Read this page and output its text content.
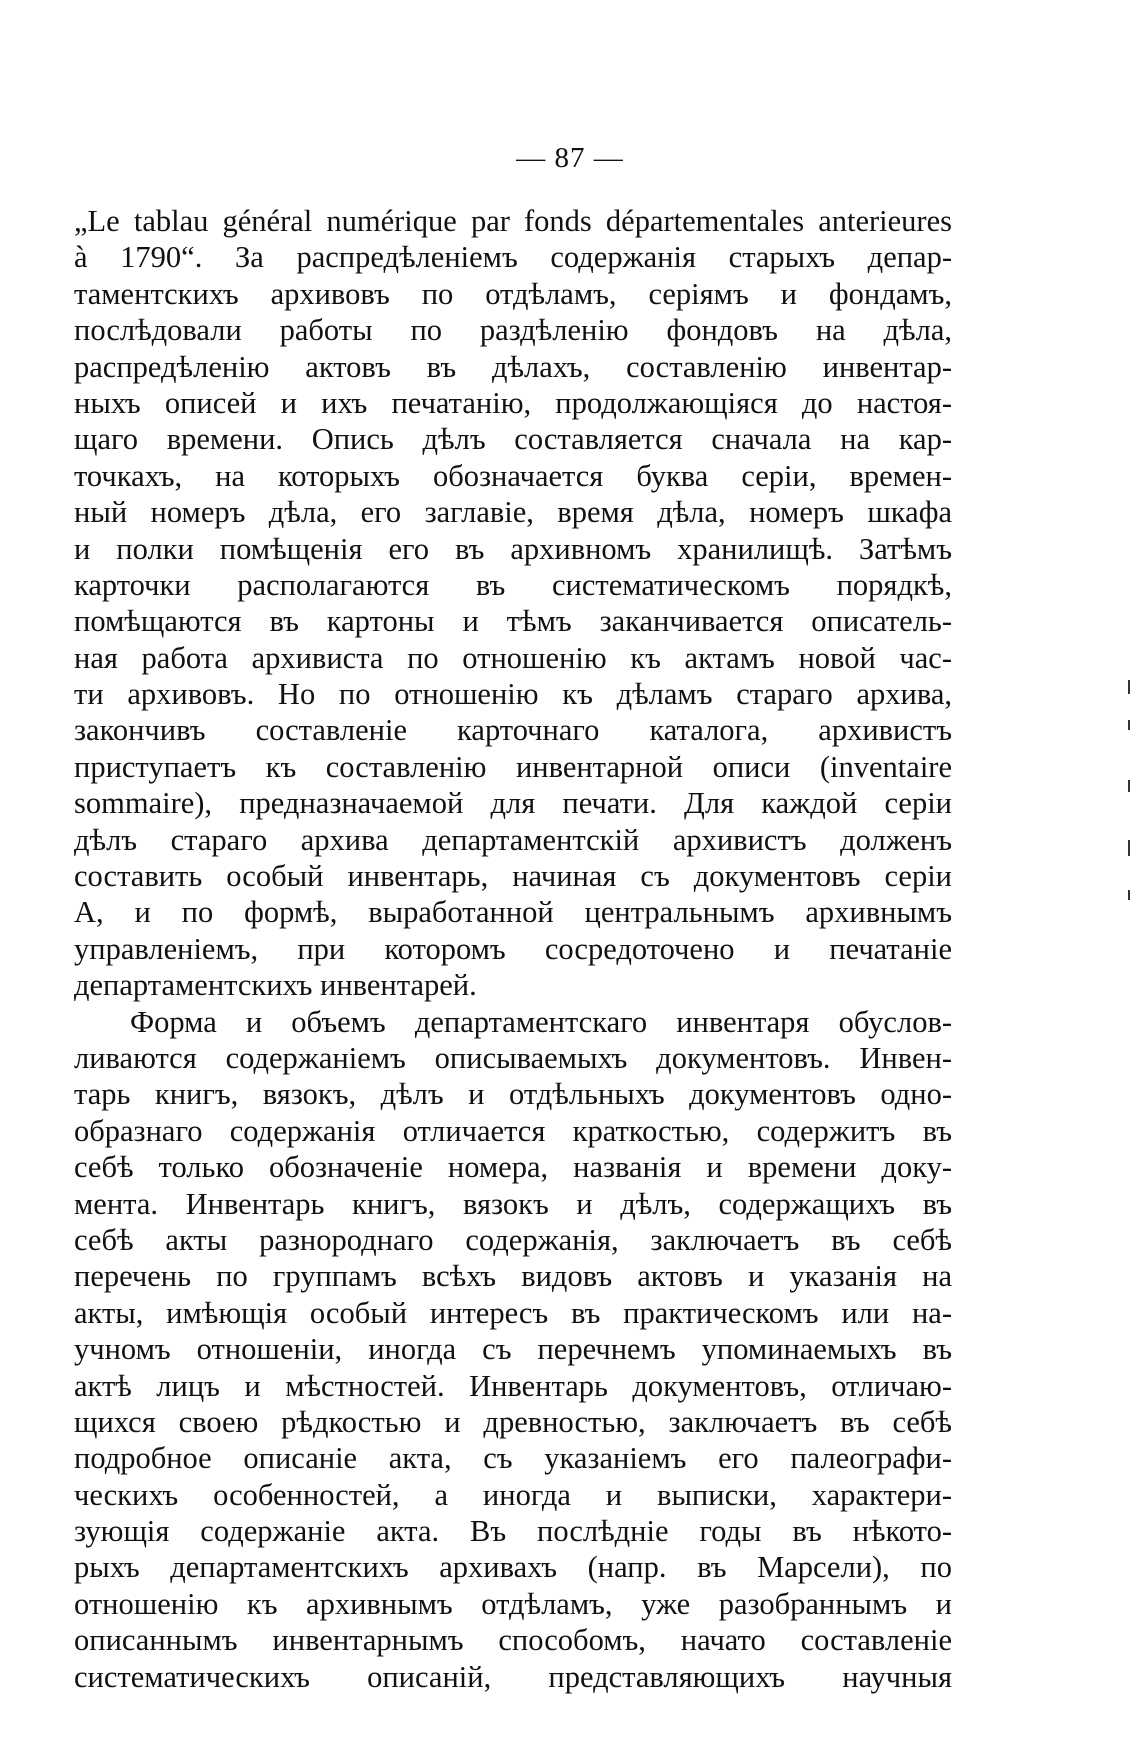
— 87 —
„Le tablau général numérique par fonds départementales anterieures
à 1790“. За распредѣленіемъ содержанія старыхъ депар-
таментскихъ архивовъ по отдѣламъ, серіямъ и фондамъ,
послѣдовали работы по раздѣленію фондовъ на дѣла,
распредѣленію актовъ въ дѣлахъ, составленію инвентар-
ныхъ описей и ихъ печатанію, продолжающіяся до настоя-
щаго времени. Опись дѣлъ составляется сначала на кар-
точкахъ, на которыхъ обозначается буква серіи, времен-
ный номеръ дѣла, его заглавіе, время дѣла, номеръ шкафа
и полки помѣщенія его въ архивномъ хранилищѣ. Затѣмъ
карточки располагаются въ систематическомъ порядкѣ,
помѣщаются въ картоны и тѣмъ заканчивается описатель-
ная работа архивиста по отношенію къ актамъ новой час-
ти архивовъ. Но по отношенію къ дѣламъ стараго архива,
закончивъ составленіе карточнаго каталога, архивистъ
приступаетъ къ составленію инвентарной описи (inventaire
sommaire), предназначаемой для печати. Для каждой серіи
дѣлъ стараго архива департаментскій архивистъ долженъ
составить особый инвентарь, начиная съ документовъ серіи
А, и по формѣ, выработанной центральнымъ архивнымъ
управленіемъ, при которомъ сосредоточено и печатаніе
департаментскихъ инвентарей.
Форма и объемъ департаментскаго инвентаря обуслов-
ливаются содержаніемъ описываемыхъ документовъ. Инвен-
тарь книгъ, вязокъ, дѣлъ и отдѣльныхъ документовъ одно-
образнаго содержанія отличается краткостью, содержитъ въ
себѣ только обозначеніе номера, названія и времени доку-
мента. Инвентарь книгъ, вязокъ и дѣлъ, содержащихъ въ
себѣ акты разнороднаго содержанія, заключаетъ въ себѣ
перечень по группамъ всѣхъ видовъ актовъ и указанія на
акты, имѣющія особый интересъ въ практическомъ или на-
учномъ отношеніи, иногда съ перечнемъ упоминаемыхъ въ
актѣ лицъ и мѣстностей. Инвентарь документовъ, отличаю-
щихся своею рѣдкостью и древностью, заключаетъ въ себѣ
подробное описаніе акта, съ указаніемъ его палеографи-
ческихъ особенностей, а иногда и выписки, характери-
зующія содержаніе акта. Въ послѣдніе годы въ нѣкото-
рыхъ департаментскихъ архивахъ (напр. въ Марсели), по
отношенію къ архивнымъ отдѣламъ, уже разобраннымъ и
описаннымъ инвентарнымъ способомъ, начато составленіе
систематическихъ описаній, представляющихъ научныя
